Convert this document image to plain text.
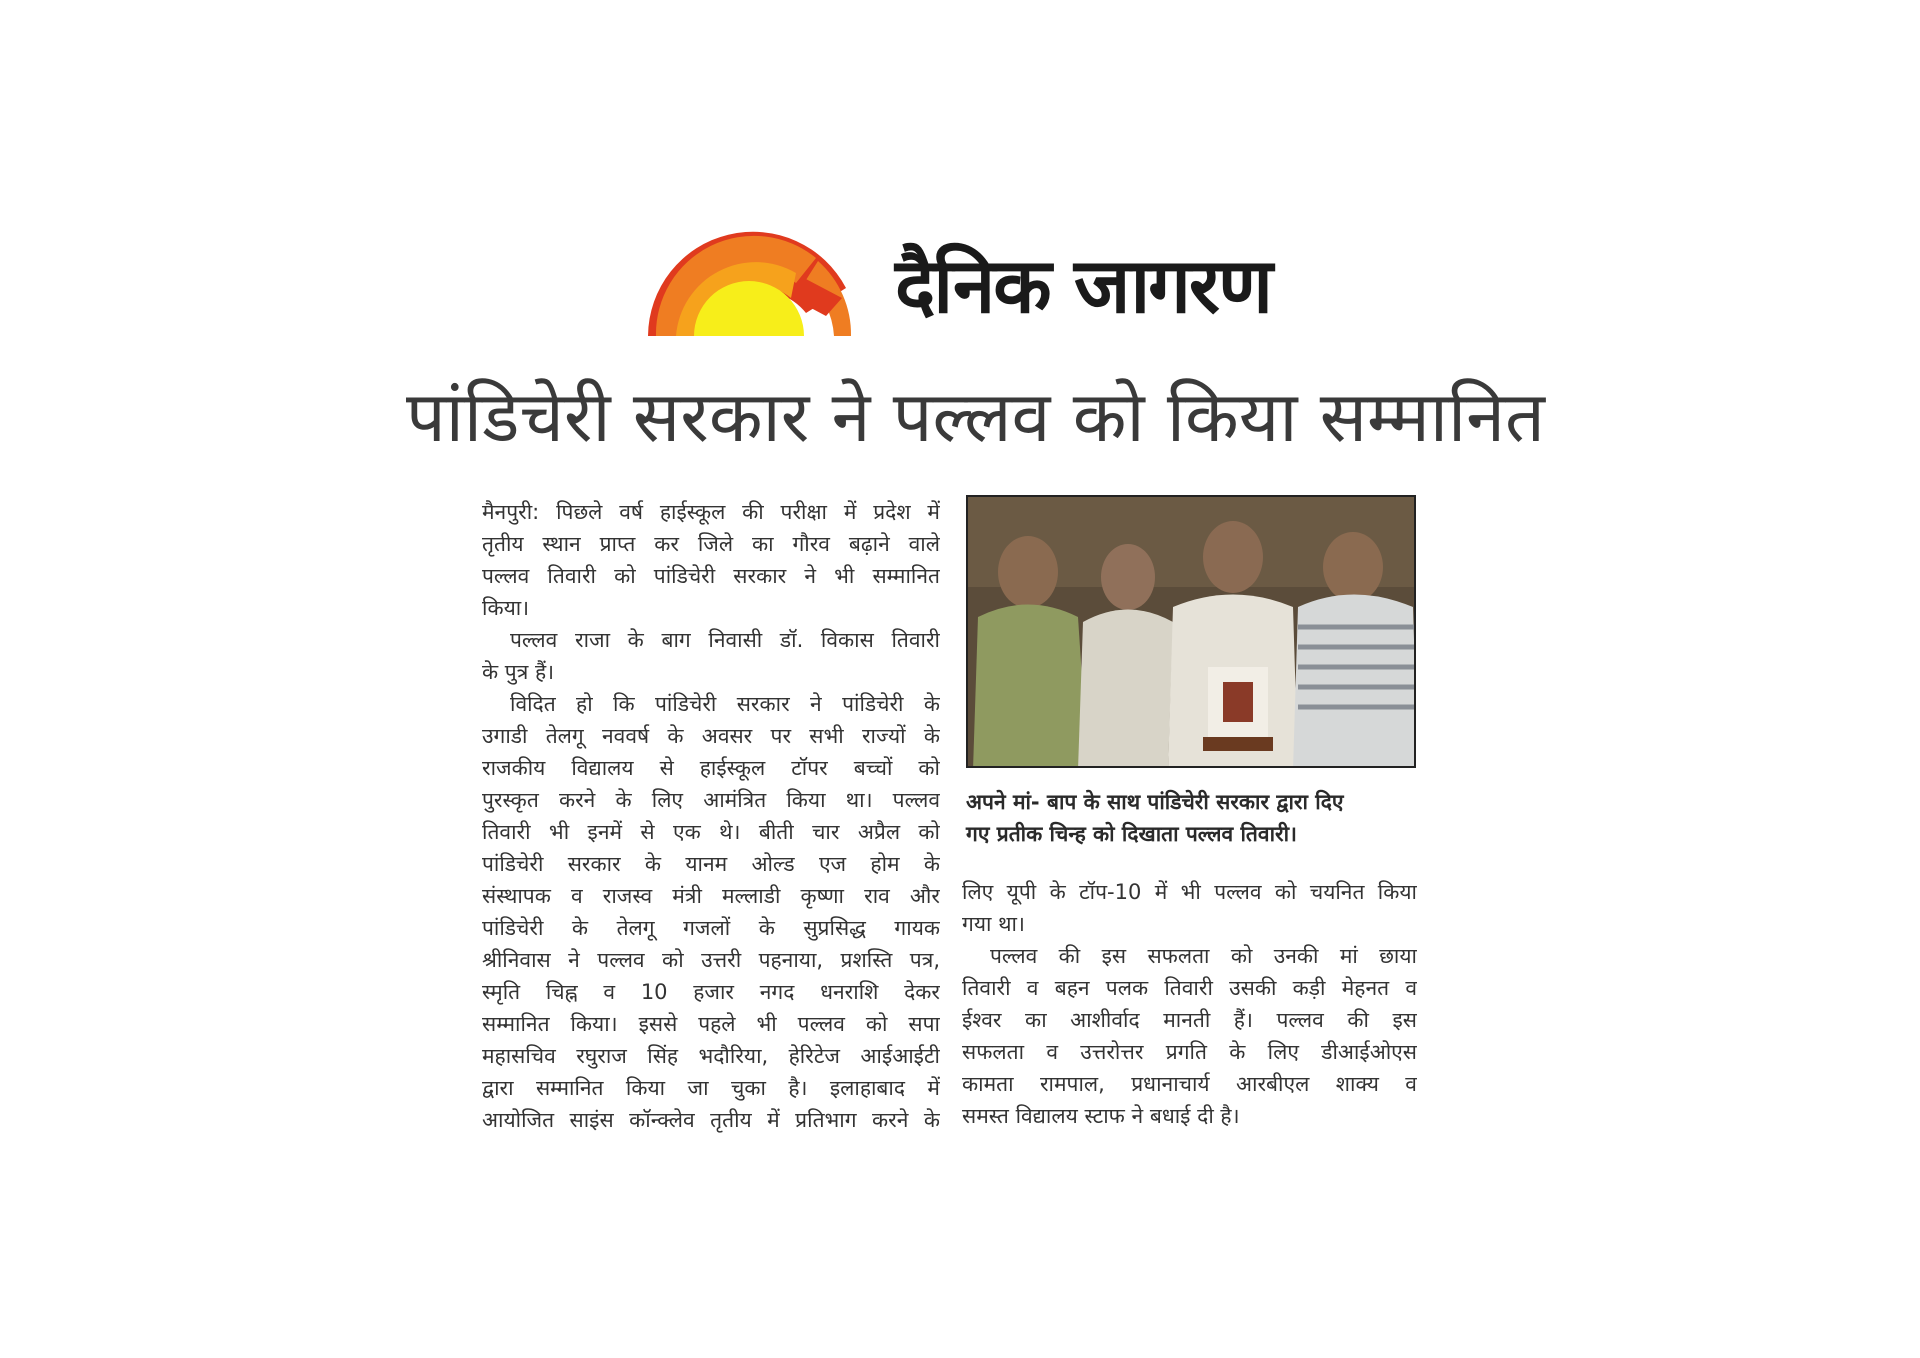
दैनिक जागरण
पांडिचेरी सरकार ने पल्लव को किया सम्मानित
मैनपुरी: पिछले वर्ष हाईस्कूल की परीक्षा में प्रदेश में
तृतीय स्थान प्राप्त कर जिले का गौरव बढ़ाने वाले
पल्लव तिवारी को पांडिचेरी सरकार ने भी सम्मानित
किया।
पल्लव राजा के बाग निवासी डॉ. विकास तिवारी
के पुत्र हैं।
विदित हो कि पांडिचेरी सरकार ने पांडिचेरी के
उगाडी तेलगू नववर्ष के अवसर पर सभी राज्यों के
राजकीय विद्यालय से हाईस्कूल टॉपर बच्चों को
पुरस्कृत करने के लिए आमंत्रित किया था। पल्लव
तिवारी भी इनमें से एक थे। बीती चार अप्रैल को
पांडिचेरी सरकार के यानम ओल्ड एज होम के
संस्थापक व राजस्व मंत्री मल्लाडी कृष्णा राव और
पांडिचेरी के तेलगू गजलों के सुप्रसिद्ध गायक
श्रीनिवास ने पल्लव को उत्तरी पहनाया, प्रशस्ति पत्र,
स्मृति चिह्न व 10 हजार नगद धनराशि देकर
सम्मानित किया। इससे पहले भी पल्लव को सपा
महासचिव रघुराज सिंह भदौरिया, हेरिटेज आईआईटी
द्वारा सम्मानित किया जा चुका है। इलाहाबाद में
आयोजित साइंस कॉन्क्लेव तृतीय में प्रतिभाग करने के
अपने मां- बाप के साथ पांडिचेरी सरकार द्वारा दिए
गए प्रतीक चिन्ह को दिखाता पल्लव तिवारी।
लिए यूपी के टॉप-10 में भी पल्लव को चयनित किया
गया था।
पल्लव की इस सफलता को उनकी मां छाया
तिवारी व बहन पलक तिवारी उसकी कड़ी मेहनत व
ईश्वर का आशीर्वाद मानती हैं। पल्लव की इस
सफलता व उत्तरोत्तर प्रगति के लिए डीआईओएस
कामता रामपाल, प्रधानाचार्य आरबीएल शाक्य व
समस्त विद्यालय स्टाफ ने बधाई दी है।
